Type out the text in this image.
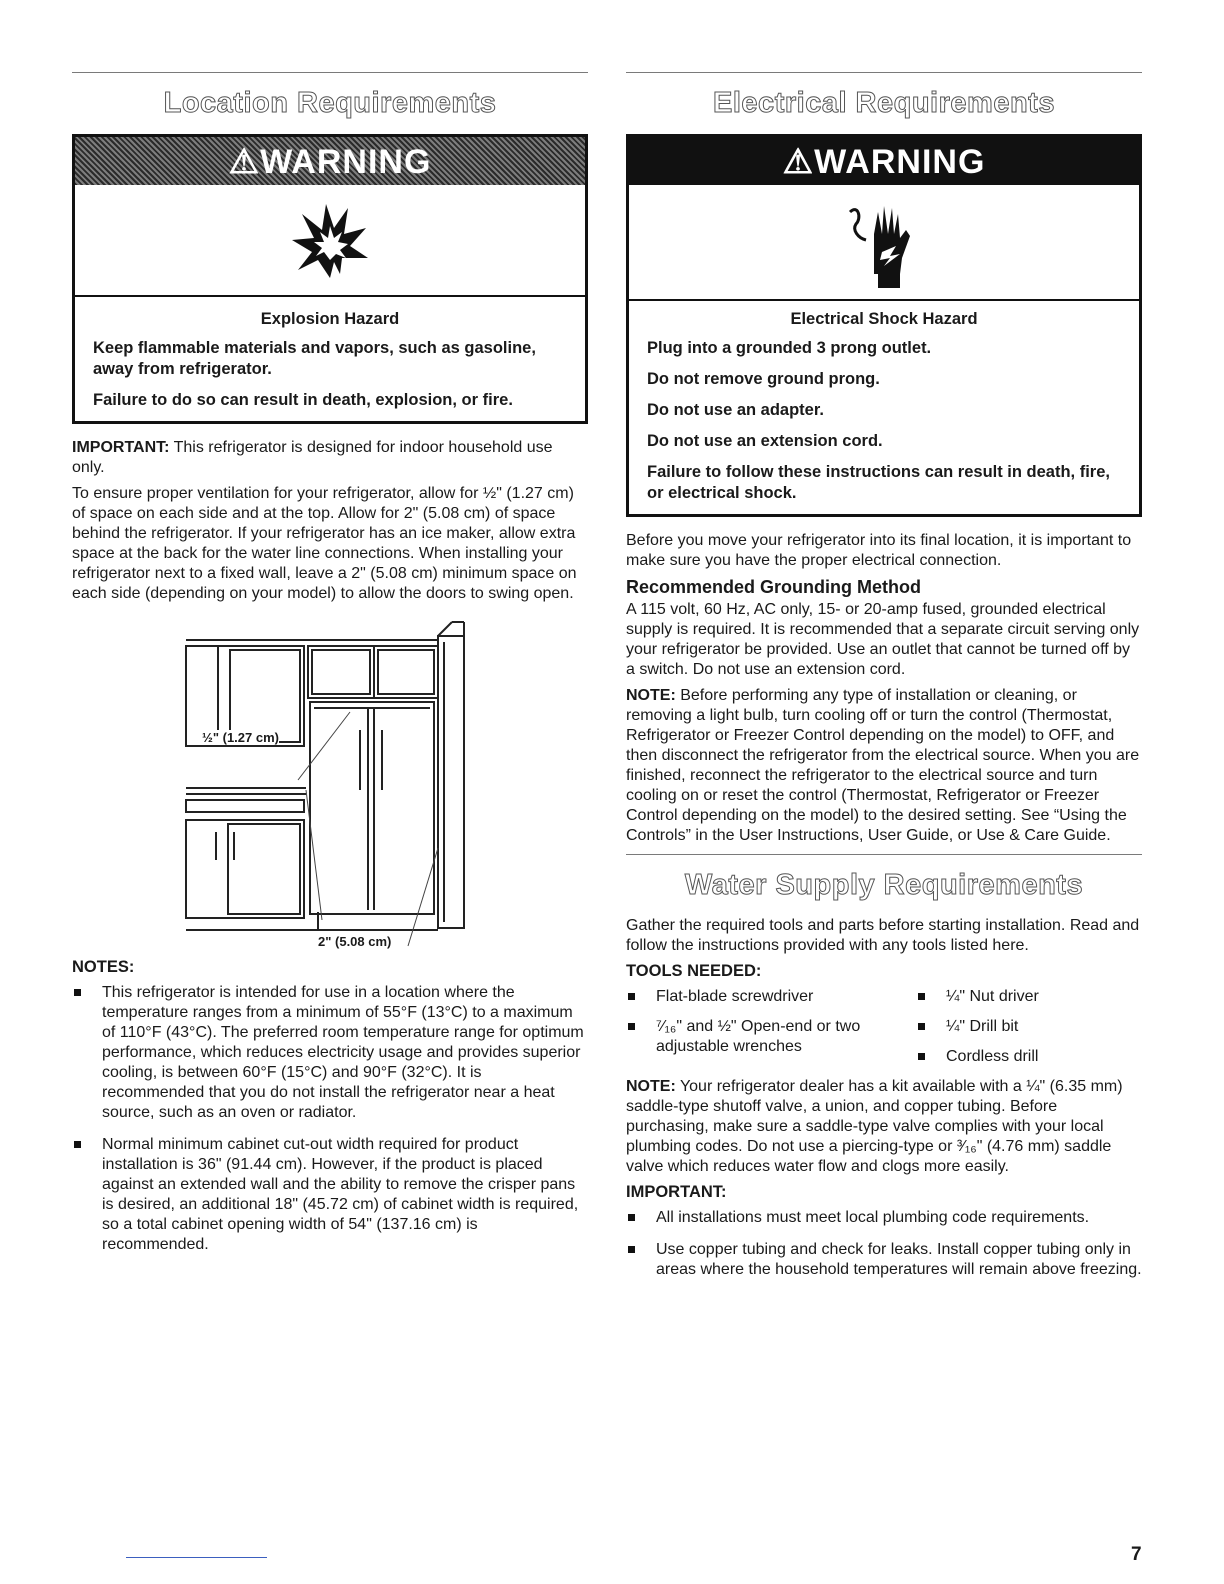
Location Requirements
⚠WARNING
Explosion Hazard

Keep flammable materials and vapors, such as gasoline, away from refrigerator.

Failure to do so can result in death, explosion, or fire.

IMPORTANT: This refrigerator is designed for indoor household use only.

To ensure proper ventilation for your refrigerator, allow for ½" (1.27 cm) of space on each side and at the top. Allow for 2" (5.08 cm) of space behind the refrigerator. If your refrigerator has an ice maker, allow extra space at the back for the water line connections. When installing your refrigerator next to a fixed wall, leave a 2" (5.08 cm) minimum space on each side (depending on your model) to allow the doors to swing open.

½" (1.27 cm)
2" (5.08 cm)
NOTES:
This refrigerator is intended for use in a location where the temperature ranges from a minimum of 55°F (13°C) to a maximum of 110°F (43°C). The preferred room temperature range for optimum performance, which reduces electricity usage and provides superior cooling, is between 60°F (15°C) and 90°F (32°C). It is recommended that you do not install the refrigerator near a heat source, such as an oven or radiator.
Normal minimum cabinet cut-out width required for product installation is 36" (91.44 cm). However, if the product is placed against an extended wall and the ability to remove the crisper pans is desired, an additional 18" (45.72 cm) of cabinet width is required, so a total cabinet opening width of 54" (137.16 cm) is recommended.
Electrical Requirements
⚠WARNING
Electrical Shock Hazard

Plug into a grounded 3 prong outlet.

Do not remove ground prong.

Do not use an adapter.

Do not use an extension cord.

Failure to follow these instructions can result in death, fire, or electrical shock.

Before you move your refrigerator into its final location, it is important to make sure you have the proper electrical connection.

Recommended Grounding Method

A 115 volt, 60 Hz, AC only, 15- or 20-amp fused, grounded electrical supply is required. It is recommended that a separate circuit serving only your refrigerator be provided. Use an outlet that cannot be turned off by a switch. Do not use an extension cord.

NOTE: Before performing any type of installation or cleaning, or removing a light bulb, turn cooling off or turn the control (Thermostat, Refrigerator or Freezer Control depending on the model) to OFF, and then disconnect the refrigerator from the electrical source. When you are finished, reconnect the refrigerator to the electrical source and turn cooling on or reset the control (Thermostat, Refrigerator or Freezer Control depending on the model) to the desired setting. See “Using the Controls” in the User Instructions, User Guide, or Use & Care Guide.

Water Supply Requirements

Gather the required tools and parts before starting installation. Read and follow the instructions provided with any tools listed here.

TOOLS NEEDED:
Flat-blade screwdriver
⁷⁄₁₆" and ½" Open-end or two adjustable wrenches
¼" Nut driver
¼" Drill bit
Cordless drill

NOTE: Your refrigerator dealer has a kit available with a ¼" (6.35 mm) saddle-type shutoff valve, a union, and copper tubing. Before purchasing, make sure a saddle-type valve complies with your local plumbing codes. Do not use a piercing-type or ³⁄₁₆" (4.76 mm) saddle valve which reduces water flow and clogs more easily.

IMPORTANT:
All installations must meet local plumbing code requirements.
Use copper tubing and check for leaks. Install copper tubing only in areas where the household temperatures will remain above freezing.
7
